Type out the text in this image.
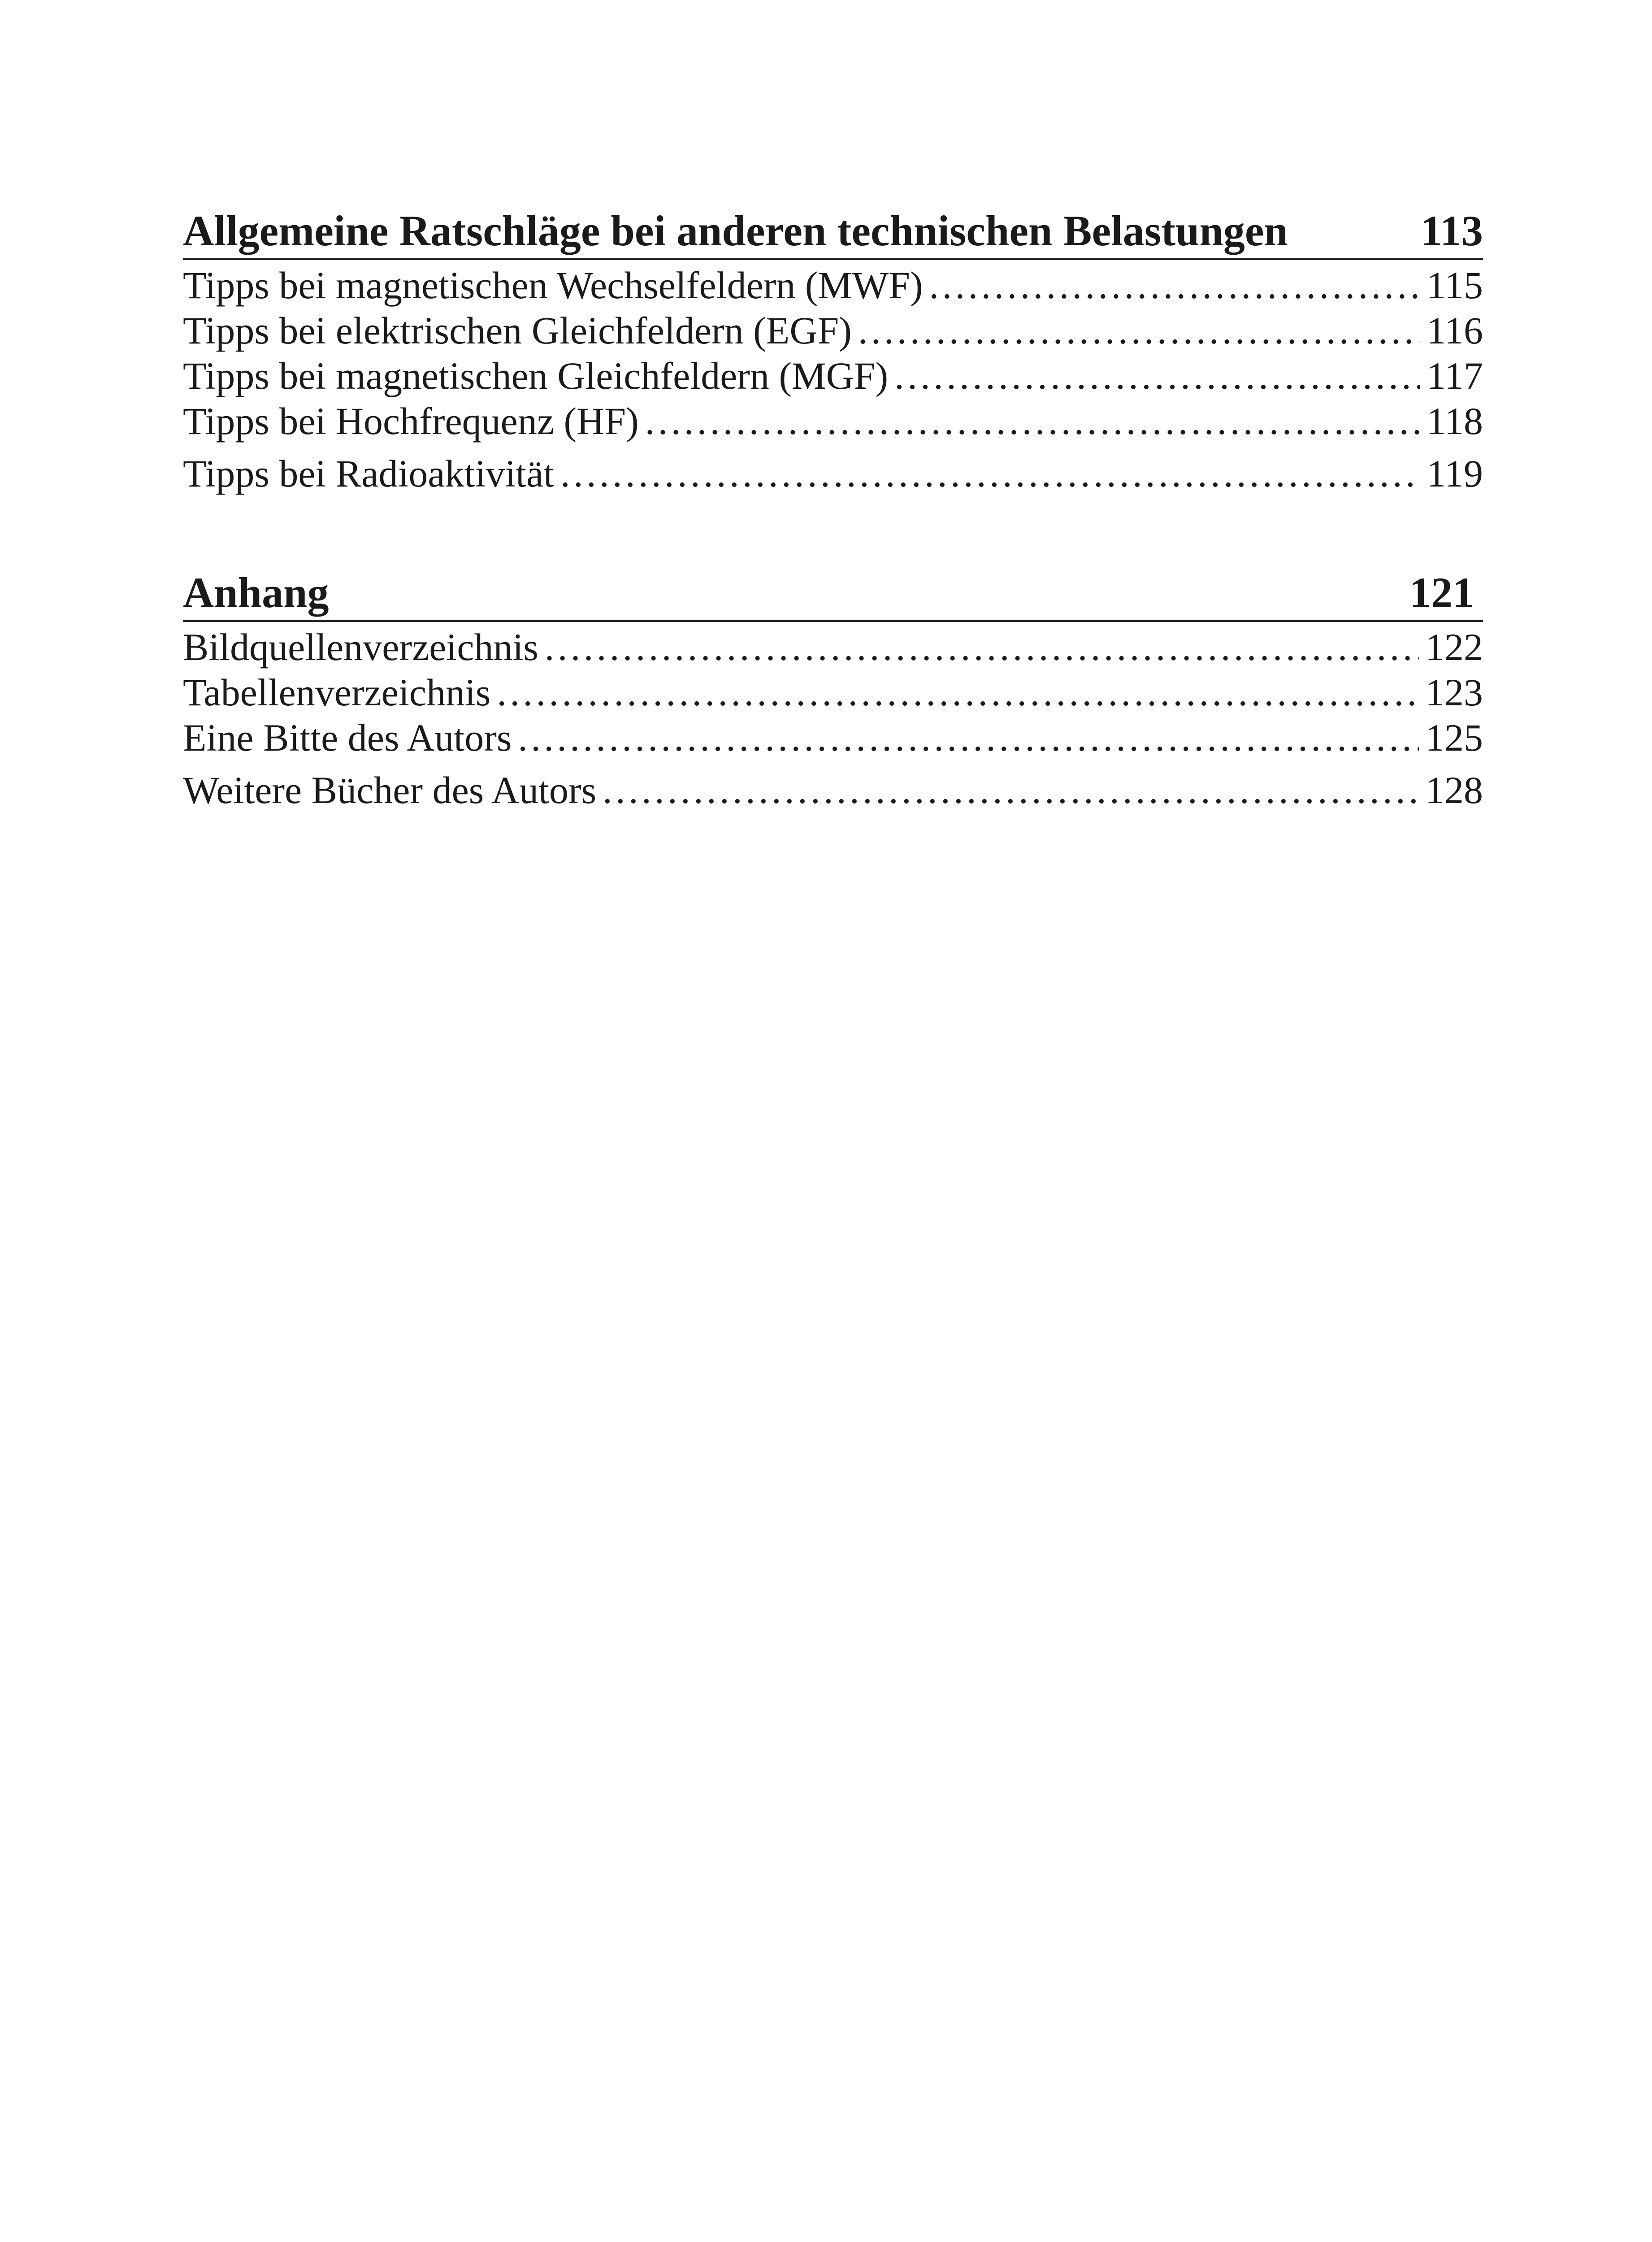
Allgemeine Ratschläge bei anderen technischen Belastungen	113
Tipps bei magnetischen Wechselfeldern (MWF) . . .	115
Tipps bei elektrischen Gleichfeldern (EGF) . . .	116
Tipps bei magnetischen Gleichfeldern (MGF) . . .	117
Tipps bei Hochfrequenz (HF) . . .	118
Tipps bei Radioaktivität . . .	119
Anhang	121
Bildquellenverzeichnis . . .	122
Tabellenverzeichnis . . .	123
Eine Bitte des Autors . . .	125
Weitere Bücher des Autors . . .	128
